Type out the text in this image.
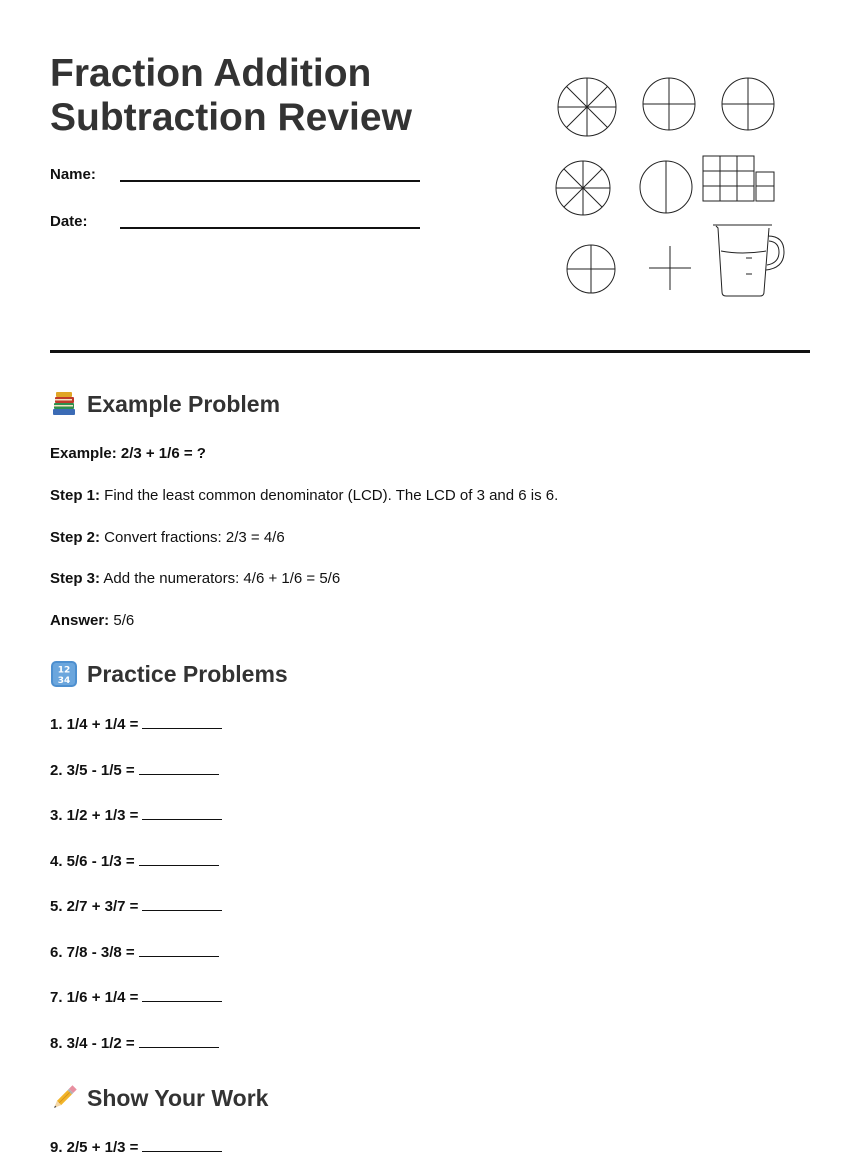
Fraction Addition
Subtraction Review
Name:
Date:
Example Problem
Example: 2/3 + 1/6 = ?
Step 1: Find the least common denominator (LCD). The LCD of 3 and 6 is 6.
Step 2: Convert fractions: 2/3 = 4/6
Step 3: Add the numerators: 4/6 + 1/6 = 5/6
Answer: 5/6
12
34 Practice Problems
1. 1/4 + 1/4 =
2. 3/5 - 1/5 =
3. 1/2 + 1/3 =
4. 5/6 - 1/3 =
5. 2/7 + 3/7 =
6. 7/8 - 3/8 =
7. 1/6 + 1/4 =
8. 3/4 - 1/2 =
Show Your Work
9. 2/5 + 1/3 =
